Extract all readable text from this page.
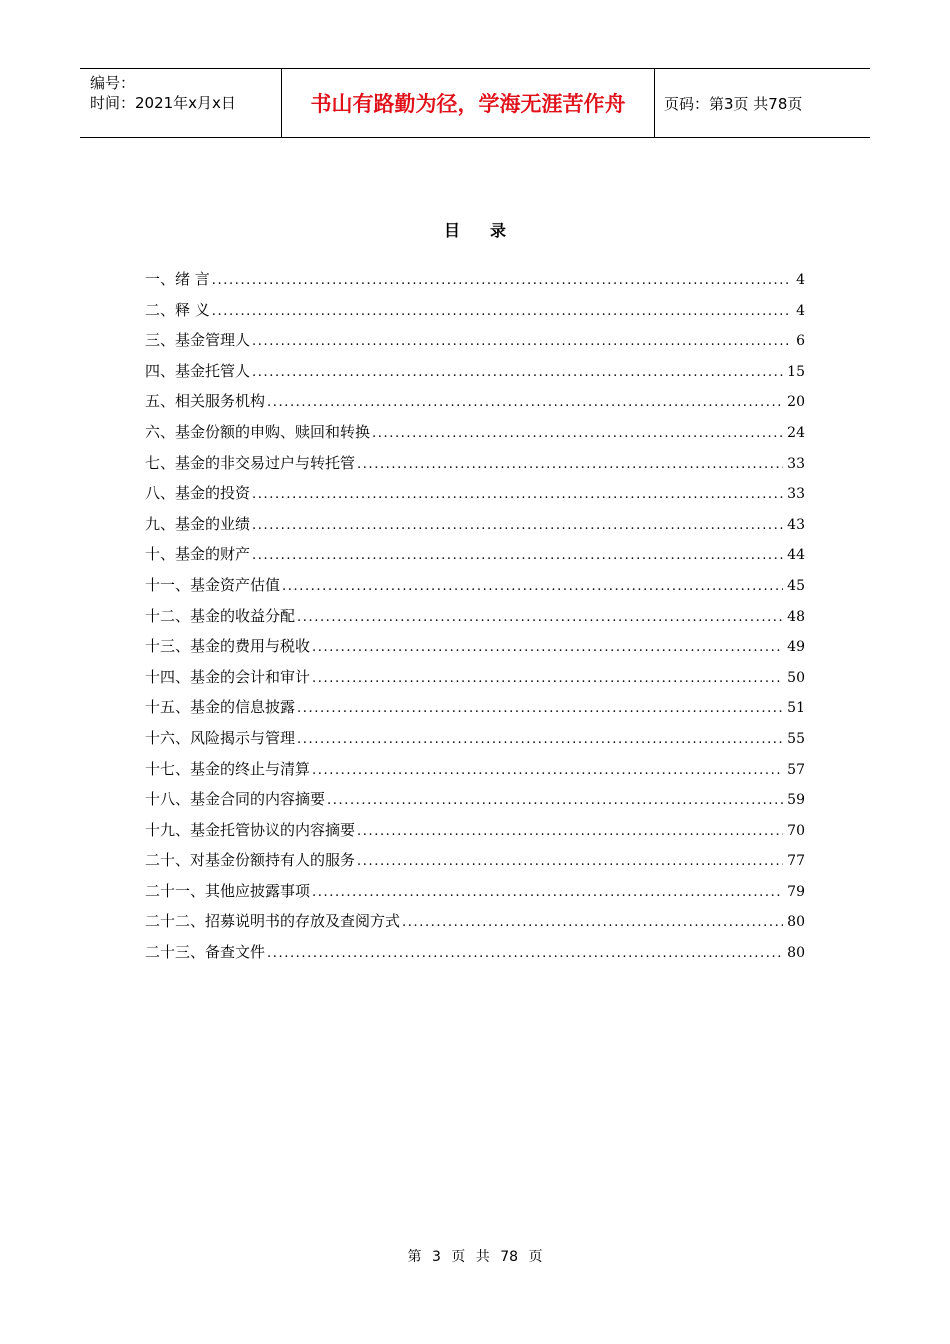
编号：
时间：2021年x月x日	书山有路勤为径，学海无涯苦作舟	页码：第3页 共78页
目录
一、绪 言 .....	4
二、释 义 .....	4
三、基金管理人 .....	6
四、基金托管人 .....	15
五、相关服务机构 .....	20
六、基金份额的申购、赎回和转换 .....	24
七、基金的非交易过户与转托管 .....	33
八、基金的投资 .....	33
九、基金的业绩 .....	43
十、基金的财产 .....	44
十一、基金资产估值 .....	45
十二、基金的收益分配 .....	48
十三、基金的费用与税收 .....	49
十四、基金的会计和审计 .....	50
十五、基金的信息披露 .....	51
十六、风险揭示与管理 .....	55
十七、基金的终止与清算 .....	57
十八、基金合同的内容摘要 .....	59
十九、基金托管协议的内容摘要 .....	70
二十、对基金份额持有人的服务 .....	77
二十一、其他应披露事项 .....	79
二十二、招募说明书的存放及查阅方式 .....	80
二十三、备查文件 .....	80
第 3 页 共 78 页
